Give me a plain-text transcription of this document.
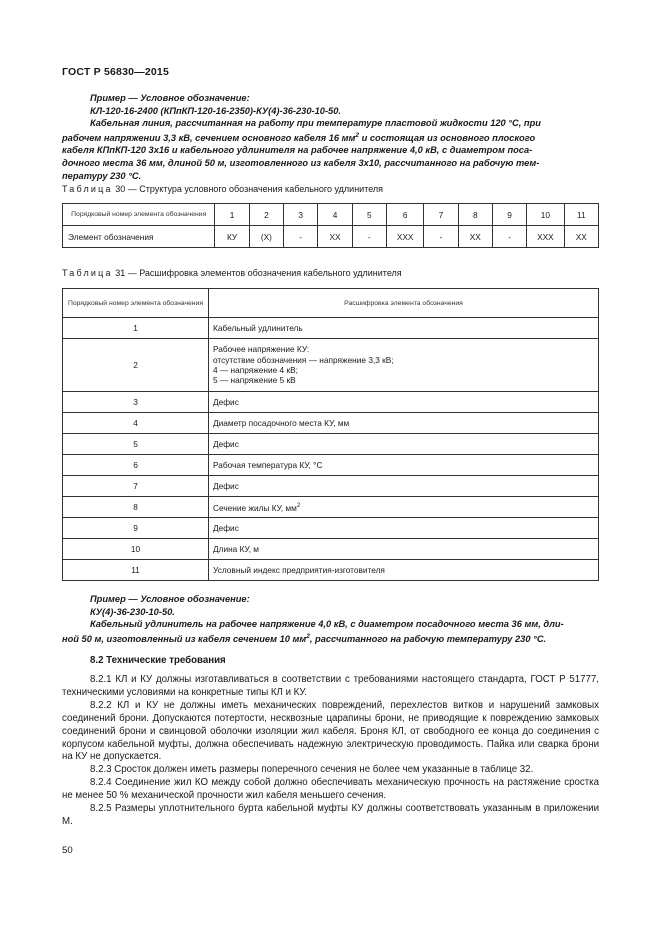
ГОСТ Р 56830—2015
Пример — Условное обозначение:
КЛ-120-16-2400 (КПпКП-120-16-2350)-КУ(4)-36-230-10-50.
Кабельная линия, рассчитанная на работу при температуре пластовой жидкости 120 °С, при
рабочем напряжении 3,3 кВ, сечением основного кабеля 16 $мм^2$ и состоящая из основного плоского
кабеля КПпКП-120 3х16 и кабельного удлинителя на рабочее напряжение 4,0 кВ, с диаметром поса-
дочного места 36 мм, длиной 50 м, изготовленного из кабеля 3х10, рассчитанного на рабочую тем-
пературу 230 °С.
Таблица 30 — Структура условного обозначения кабельного удлинителя
Порядковый номер элемента обозначения	1	2	3	4	5	6	7	8	9	10	11
Элемент обозначения	КУ	(Х)	-	ХХ	-	ХХХ	-	ХХ	-	ХХХ	ХХ
Таблица 31 — Расшифровка элементов обозначения кабельного удлинителя
Порядковый номер элемента обозначения	Расшифровка элемента обозначения
1	Кабельный удлинитель
2	Рабочее напряжение КУ:
отсутствие обозначения — напряжение 3,3 кВ;
4 — напряжение 4 кВ;
5 — напряжение 5 кВ

3	Дефис
4	Диаметр посадочного места КУ, мм
5	Дефис
6	Рабочая температура КУ, °С
7	Дефис
8	Сечение жилы КУ, $мм^2$
9	Дефис
10	Длина КУ, м
11	Условный индекс предприятия-изготовителя
Пример — Условное обозначение:
КУ(4)-36-230-10-50.
Кабельный удлинитель на рабочее напряжение 4,0 кВ, с диаметром посадочного места 36 мм, дли-
ной 50 м, изготовленный из кабеля сечением 10 $мм^2$, рассчитанного на рабочую температуру 230 °С.
8.2 Технические требования
8.2.1 КЛ и КУ должны изготавливаться в соответствии с требованиями настоящего стандарта, ГОСТ Р 51777, техническими условиями на конкретные типы КЛ и КУ.
8.2.2 КЛ и КУ не должны иметь механических повреждений, перехлестов витков и нарушений замковых соединений брони. Допускаются потертости, несквозные царапины брони, не приводящие к повреждению замковых соединений брони и свинцовой оболочки изоляции жил кабеля. Броня КЛ, от свободного ее конца до соединения с корпусом кабельной муфты, должна обеспечивать надежную электрическую проводимость. Пайка или сварка брони на КУ не допускается.
8.2.3 Сросток должен иметь размеры поперечного сечения не более чем указанные в таблице 32.
8.2.4 Соединение жил КО между собой должно обеспечивать механическую прочность на растяжение сростка не менее 50 % механической прочности жил кабеля меньшего сечения.
8.2.5 Размеры уплотнительного бурта кабельной муфты КУ должны соответствовать указанным в приложении М.
50
